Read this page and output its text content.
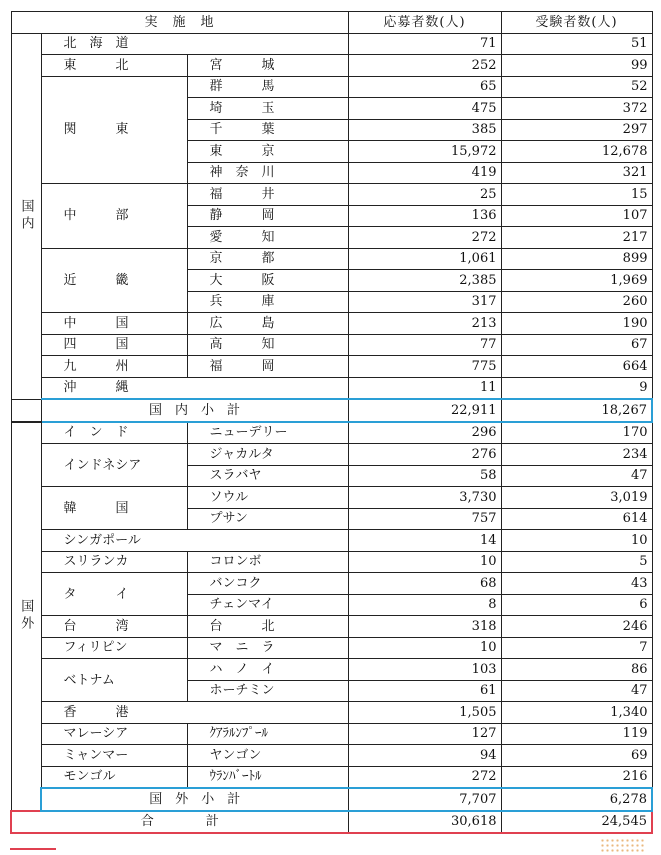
実　施　地			応募者数(人)	受験者数(人)
国内	北　海　道		71	51
	東　　　北	宮　　　城	252	99
	関　　　東	群　　　馬	65	52
		埼　　　玉	475	372
		千　　　葉	385	297
		東　　　京	15,972	12,678
		神　奈　川	419	321
	中　　　部	福　　　井	25	15
		静　　　岡	136	107
		愛　　　知	272	217
	近　　　畿	京　　　都	1,061	899
		大　　　阪	2,385	1,969
		兵　　　庫	317	260
	中　　　国	広　　　島	213	190
	四　　　国	高　　　知	77	67
	九　　　州	福　　　岡	775	664
	沖　　　縄		11	9
	国　内　小　計		22,911	18,267
国外	イ　ン　ド	ニューデリー	296	170
	インドネシア	ジャカルタ	276	234
		スラバヤ	58	47
	韓　　　国	ソウル	3,730	3,019
		プサン	757	614
	シンガポール		14	10
	スリランカ	コロンボ	10	5
	タ　　　イ	バンコク	68	43
		チェンマイ	8	6
	台　　　湾	台　　　北	318	246
	フィリピン	マ　ニ　ラ	10	7
	ベトナム	ハ　ノ　イ	103	86
		ホーチミン	61	47
	香　　　港		1,505	1,340
	マレーシア	ｸｱﾗﾙﾝﾌﾟｰﾙ	127	119
	ミャンマー	ヤンゴン	94	69
	モンゴル	ｳﾗﾝﾊﾞｰﾄﾙ	272	216
	国　外　小　計		7,707	6,278
合　　　　計			30,618	24,545
